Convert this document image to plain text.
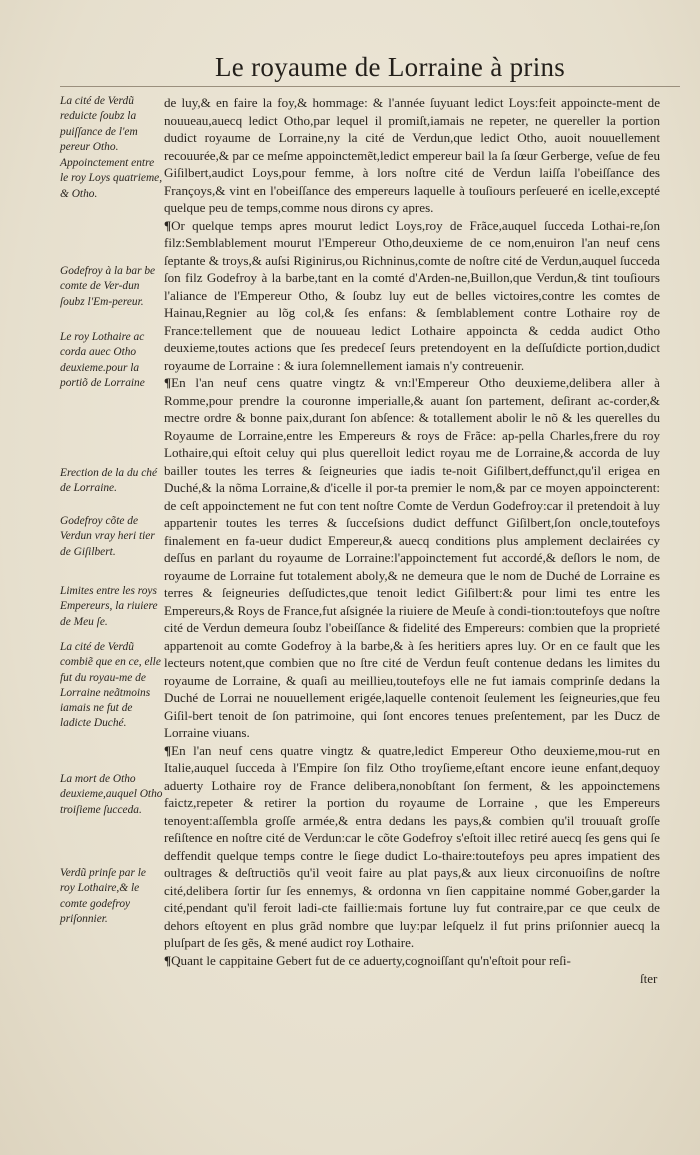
Le royaume de Lorraine à prins
La cité de Verdũ reduicte ſoubz la puiſſance de l'em pereur Otho.
Appoinctement entre le roy Loys quatrieme, & Otho.
Godefroy à la bar be comte de Ver-dun ſoubz l'Em-pereur.
Le roy Lothaire ac corda auec Otho deuxieme.pour la portiõ de Lorraine
Erection de la du ché de Lorraine.
Godefroy cõte de Verdun vray heri tier de Giſilbert.
Limites entre les roys Empereurs, la riuiere de Meu ſe.
La cité de Verdũ combiẽ que en ce, elle fut du royau-me de Lorraine neãtmoins iamais ne fut de ladicte Duché.
La mort de Otho deuxieme,auquel Otho troiſieme ſucceda.
Verdũ prinſe par le roy Lothaire,& le comte godefroy priſonnier.

de luy,& en faire la foy,& hommage: & l'année ſuyuant ledict Loys:feit appoincte-ment de nouueau,auecq ledict Otho,par lequel il promiſt,iamais ne repeter, ne quereller la portion dudict royaume de Lorraine,ny la cité de Verdun,que ledict Otho, auoit nouuellement recouurée,& par ce meſme appoinctemẽt,ledict empereur bail la ſa ſœur Gerberge, veſue de feu Giſilbert,audict Loys,pour femme, à lors noſtre cité de Verdun laiſſa l'obeiſſance des Françoys,& vint en l'obeiſſance des empereurs laquelle à touſiours perſeueré en icelle,excepté quelque peu de temps,comme nous dirons cy apres.

¶Or quelque temps apres mourut ledict Loys,roy de Frãce,auquel ſucceda Lothai-re,ſon filz:Semblablement mourut l'Empereur Otho,deuxieme de ce nom,enuiron l'an neuf cens ſeptante & troys,& auſsi Riginirus,ou Richninus,comte de noſtre cité de Verdun,auquel ſucceda ſon filz Godefroy à la barbe,tant en la comté d'Arden-ne,Buillon,que Verdun,& tint touſiours l'aliance de l'Empereur Otho, & ſoubz luy eut de belles victoires,contre les comtes de Hainau,Regnier au lõg col,& ſes enfans: & ſemblablement contre Lothaire roy de France:tellement que de nouueau ledict Lothaire appoincta & cedda audict Otho deuxieme,toutes actions que ſes predeceſ ſeurs pretendoyent en la deſſuſdicte portion,dudict royaume de Lorraine : & iura ſolemnellement iamais n'y contreuenir.

¶En l'an neuf cens quatre vingtz & vn:l'Empereur Otho deuxieme,delibera aller à Romme,pour prendre la couronne imperialle,& auant ſon partement, deſirant ac-corder,& mectre ordre & bonne paix,durant ſon abſence: & totallement abolir le nõ & les querelles du Royaume de Lorraine,entre les Empereurs & roys de Frãce: ap-pella Charles,frere du roy Lothaire,qui eſtoit celuy qui plus querelloit ledict royau me de Lorraine,& accorda de luy bailler toutes les terres & ſeigneuries que iadis te-noit Giſilbert,deffunct,qu'il erigea en Duché,& la nõma Lorraine,& d'icelle il por-ta premier le nom,& par ce moyen appoincterent: de ceſt appoinctement ne fut con tent noſtre Comte de Verdun Godefroy:car il pretendoit à luy appartenir toutes les terres & ſucceſsions dudict deffunct Giſilbert,ſon oncle,toutefoys finalement en fa-ueur dudict Empereur,& auecq conditions plus amplement declairées cy deſſus en parlant du royaume de Lorraine:l'appoinctement fut accordé,& deſlors le nom, de royaume de Lorraine fut totalement aboly,& ne demeura que le nom de Duché de Lorraine es terres & ſeigneuries deſſudictes,que tenoit ledict Giſilbert:& pour limi tes entre les Empereurs,& Roys de France,fut aſsignée la riuiere de Meuſe à condi-tion:toutefoys que noſtre cité de Verdun demeura ſoubz l'obeiſſance & fidelité des Empereurs: combien que la proprieté appartenoit au comte Godefroy à la barbe,& à ſes heritiers apres luy. Or en ce fault que les lecteurs notent,que combien que no ſtre cité de Verdun feuſt contenue dedans les limites du royaume de Lorraine, & quaſi au meillieu,toutefoys elle ne fut iamais comprinſe dedans la Duché de Lorrai ne nouuellement erigée,laquelle contenoit ſeulement les ſeigneuries,que feu Giſil-bert tenoit de ſon patrimoine, qui ſont encores tenues preſentement, par les Ducz de Lorraine viuans.

¶En l'an neuf cens quatre vingtz & quatre,ledict Empereur Otho deuxieme,mou-rut en Italie,auquel ſucceda à l'Empire ſon filz Otho troyſieme,eſtant encore ieune enfant,dequoy aduerty Lothaire roy de France delibera,nonobſtant ſon ferment, & les appoinctemens faictz,repeter & retirer la portion du royaume de Lorraine , que les Empereurs tenoyent:aſſembla groſſe armée,& entra dedans les pays,& combien qu'il trouuaſt groſſe reſiſtence en noſtre cité de Verdun:car le cõte Godefroy s'eſtoit illec retiré auecq ſes gens qui ſe deffendit quelque temps contre le ſiege dudict Lo-thaire:toutefoys peu apres impatient des oultrages & deſtructiõs qu'il veoit faire au plat pays,& aux lieux circonuoiſins de noſtre cité,delibera ſortir ſur ſes ennemys, & ordonna vn ſien cappitaine nommé Gober,garder la cité,pendant qu'il feroit ladi-cte faillie:mais fortune luy fut contraire,par ce que ceulx de dehors eſtoyent en plus grãd nombre que luy:par leſquelz il fut prins priſonnier auecq la pluſpart de ſes gẽs, & mené audict roy Lothaire.

¶Quant le cappitaine Gebert fut de ce aduerty,cognoiſſant qu'n'eſtoit pour reſi-

ſter
